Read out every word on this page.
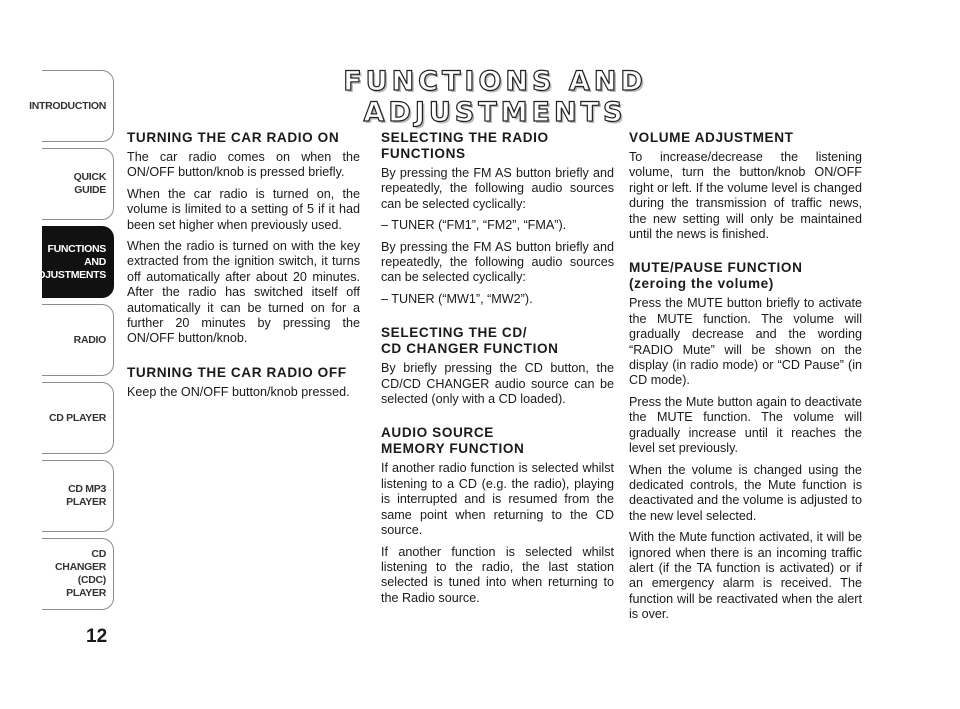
INTRODUCTION
QUICK
GUIDE
FUNCTIONS
AND
ADJUSTMENTS
RADIO
CD PLAYER
CD MP3
PLAYER
CD CHANGER
(CDC) PLAYER
12
FUNCTIONS AND ADJUSTMENTS
TURNING THE CAR RADIO ON

The car radio comes on when the ON/OFF button/knob is pressed briefly.

When the car radio is turned on, the volume is limited to a setting of 5 if it had been set higher when previously used.

When the radio is turned on with the key extracted from the ignition switch, it turns off automatically after about 20 minutes. After the radio has switched itself off automatically it can be turned on for a further 20 minutes by pressing the ON/OFF button/knob.

TURNING THE CAR RADIO OFF

Keep the ON/OFF button/knob pressed.

SELECTING THE RADIO
FUNCTIONS

By pressing the FM AS button briefly and repeatedly, the following audio sources can be selected cyclically:

– TUNER (“FM1”, “FM2”, “FMA”).

By pressing the FM AS button briefly and repeatedly, the following audio sources can be selected cyclically:

– TUNER (“MW1”, “MW2”).

SELECTING THE CD/
CD CHANGER FUNCTION

By briefly pressing the CD button, the CD/CD CHANGER audio source can be selected (only with a CD loaded).

AUDIO SOURCE
MEMORY FUNCTION

If another radio function is selected whilst listening to a CD (e.g. the radio), playing is interrupted and is resumed from the same point when returning to the CD source.

If another function is selected whilst listening to the radio, the last station selected is tuned into when returning to the Radio source.

VOLUME ADJUSTMENT

To increase/decrease the listening volume, turn the button/knob ON/OFF right or left. If the volume level is changed during the transmission of traffic news, the new setting will only be maintained until the news is finished.

MUTE/PAUSE FUNCTION
(zeroing the volume)

Press the MUTE button briefly to activate the MUTE function. The volume will gradually decrease and the wording “RADIO Mute” will be shown on the display (in radio mode) or “CD Pause” (in CD mode).

Press the Mute button again to deactivate the MUTE function. The volume will gradually increase until it reaches the level set previously.

When the volume is changed using the dedicated controls, the Mute function is deactivated and the volume is adjusted to the new level selected.

With the Mute function activated, it will be ignored when there is an incoming traffic alert (if the TA function is activated) or if an emergency alarm is received. The function will be reactivated when the alert is over.
